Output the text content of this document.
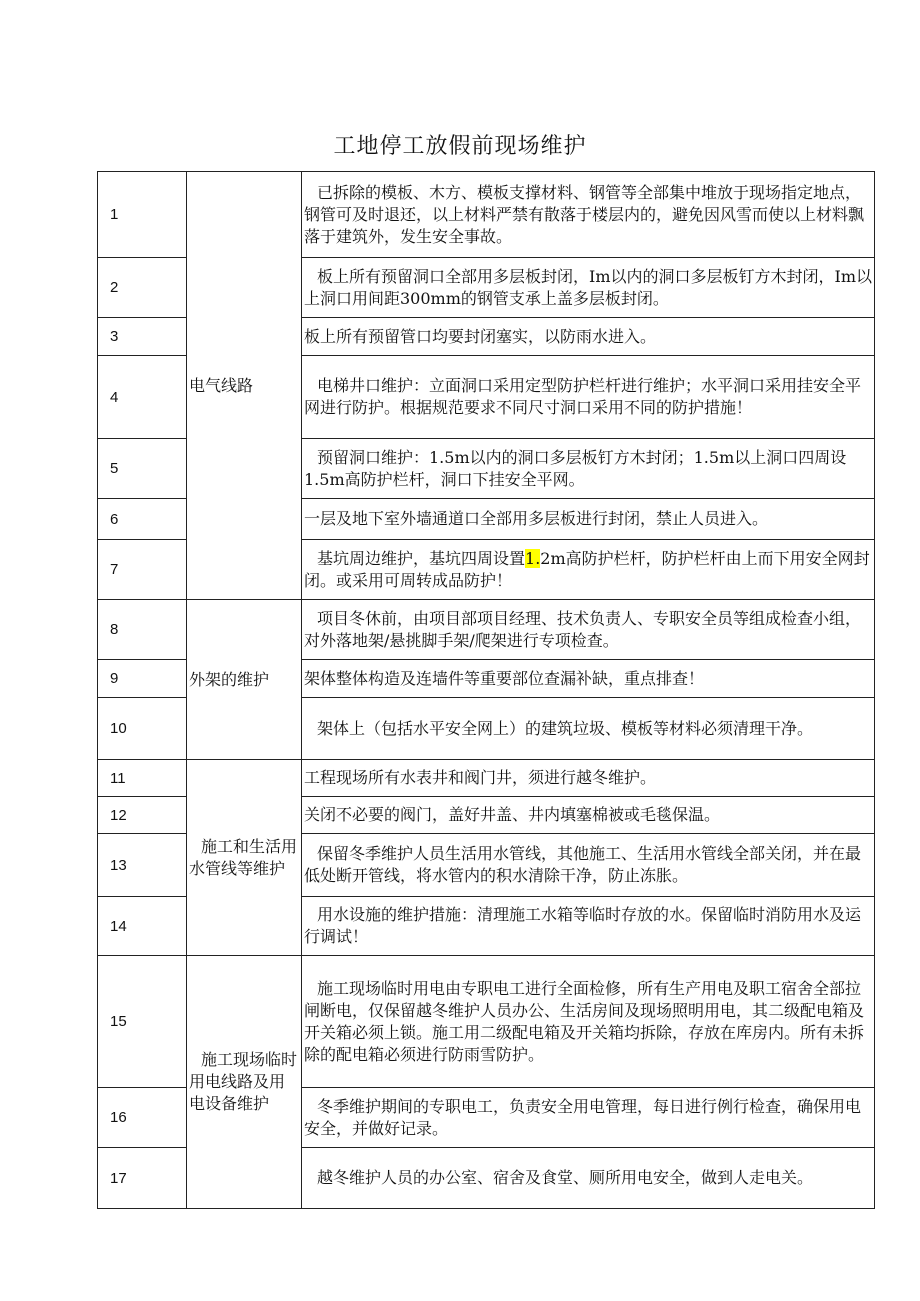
工地停工放假前现场维护
1	电气线路	已拆除的模板、木方、模板支撑材料、钢管等全部集中堆放于现场指定地点，钢管可及时退还，以上材料严禁有散落于楼层内的，避免因风雪而使以上材料飘落于建筑外，发生安全事故。
2		板上所有预留洞口全部用多层板封闭，Im以内的洞口多层板钉方木封闭，Im以上洞口用间距300mm的钢管支承上盖多层板封闭。
3		板上所有预留管口均要封闭塞实，以防雨水进入。
4		电梯井口维护：立面洞口采用定型防护栏杆进行维护；水平洞口采用挂安全平网进行防护。根据规范要求不同尺寸洞口采用不同的防护措施！
5		预留洞口维护：1.5m以内的洞口多层板钉方木封闭；1.5m以上洞口四周设1.5m高防护栏杆，洞口下挂安全平网。
6		一层及地下室外墙通道口全部用多层板进行封闭，禁止人员进入。
7		基坑周边维护，基坑四周设置1.2m高防护栏杆，防护栏杆由上而下用安全网封闭。或采用可周转成品防护！
8	外架的维护	项目冬休前，由项目部项目经理、技术负责人、专职安全员等组成检查小组，对外落地架/悬挑脚手架/爬架进行专项检查。
9		架体整体构造及连墙件等重要部位查漏补缺，重点排查！
10		架体上（包括水平安全网上）的建筑垃圾、模板等材料必须清理干净。
11	施工和生活用水管线等维护	工程现场所有水表井和阀门井，须进行越冬维护。
12		关闭不必要的阀门，盖好井盖、井内填塞棉被或毛毯保温。
13		保留冬季维护人员生活用水管线，其他施工、生活用水管线全部关闭，并在最低处断开管线，将水管内的积水清除干净，防止冻胀。
14		用水设施的维护措施：清理施工水箱等临时存放的水。保留临时消防用水及运行调试！
15	施工现场临时用电线路及用电设备维护	施工现场临时用电由专职电工进行全面检修，所有生产用电及职工宿舍全部拉闸断电，仅保留越冬维护人员办公、生活房间及现场照明用电，其二级配电箱及开关箱必须上锁。施工用二级配电箱及开关箱均拆除，存放在库房内。所有未拆除的配电箱必须进行防雨雪防护。
16		冬季维护期间的专职电工，负责安全用电管理，每日进行例行检查，确保用电安全，并做好记录。
17		越冬维护人员的办公室、宿舍及食堂、厕所用电安全，做到人走电关。
